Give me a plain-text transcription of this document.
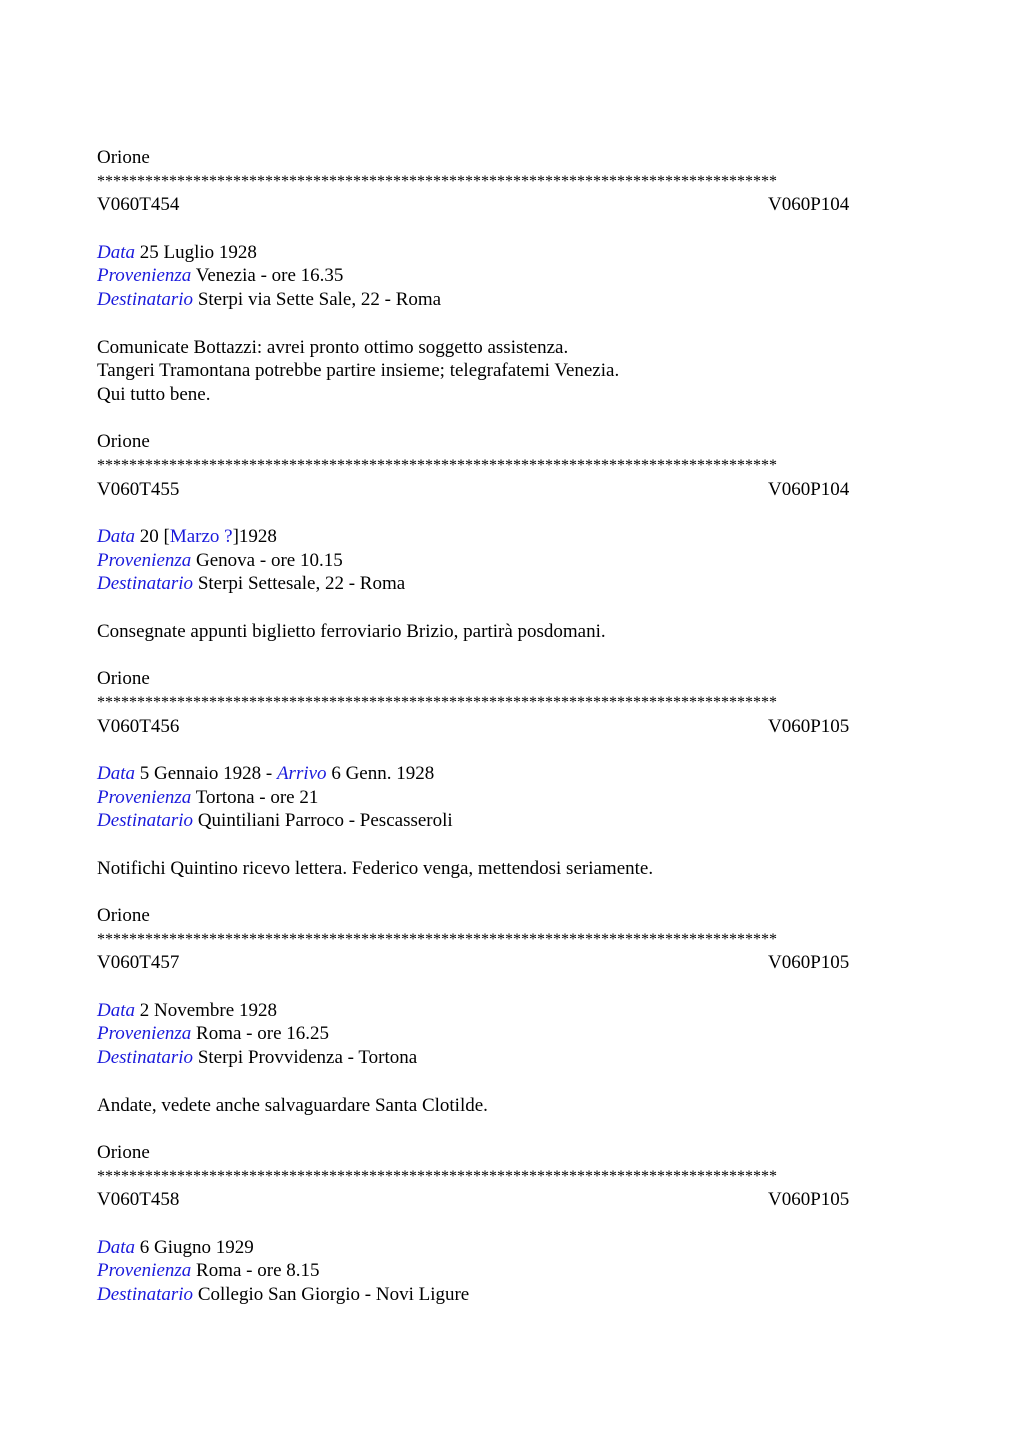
Orione
*************************************************************************************
V060T454	V060P104
Data 25 Luglio 1928
Provenienza Venezia - ore 16.35
Destinatario Sterpi via Sette Sale, 22 - Roma
Comunicate Bottazzi: avrei pronto ottimo soggetto assistenza.
Tangeri Tramontana potrebbe partire insieme; telegrafatemi Venezia.
Qui tutto bene.
Orione
*************************************************************************************
V060T455	V060P104
Data 20 [Marzo ?]1928
Provenienza Genova - ore 10.15
Destinatario Sterpi Settesale, 22 - Roma
Consegnate appunti biglietto ferroviario Brizio, partirà posdomani.
Orione
*************************************************************************************
V060T456	V060P105
Data 5 Gennaio 1928 - Arrivo 6 Genn. 1928
Provenienza Tortona - ore 21
Destinatario Quintiliani Parroco - Pescasseroli
Notifichi Quintino ricevo lettera. Federico venga, mettendosi seriamente.
Orione
*************************************************************************************
V060T457	V060P105
Data 2 Novembre 1928
Provenienza Roma - ore 16.25
Destinatario Sterpi Provvidenza - Tortona
Andate, vedete anche salvaguardare Santa Clotilde.
Orione
*************************************************************************************
V060T458	V060P105
Data 6 Giugno 1929
Provenienza Roma - ore 8.15
Destinatario Collegio San Giorgio - Novi Ligure
